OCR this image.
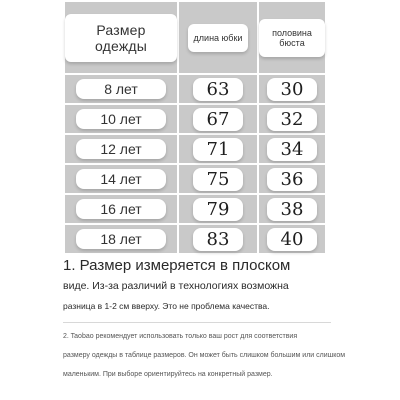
Размер одежды	длина юбки	половина бюста
8 лет	63	30
10 лет	67	32
12 лет	71	34
14 лет	75	36
16 лет	79	38
18 лет	83	40
1. Размер измеряется в плоском
виде. Из-за различий в технологиях возможна
разница в 1-2 см вверху. Это не проблема качества.
2. Taobao рекомендует использовать только ваш рост для соответствия
размеру одежды в таблице размеров. Он может быть слишком большим или слишком
маленьким. При выборе ориентируйтесь на конкретный размер.
